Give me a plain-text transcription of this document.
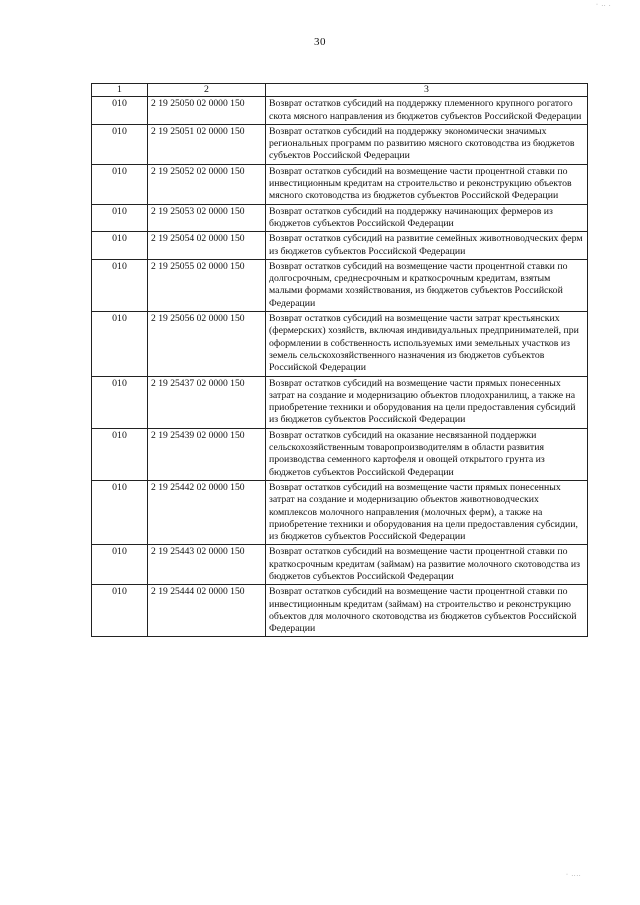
· .. .
30
1	2	3
010	2 19 25050 02 0000 150	Возврат остатков субсидий на поддержку племенного крупного рогатого скота мясного направления из бюджетов субъектов Российской Федерации
010	2 19 25051 02 0000 150	Возврат остатков субсидий на поддержку экономически значимых региональных программ по развитию мясного скотоводства из бюджетов субъектов Российской Федерации
010	2 19 25052 02 0000 150	Возврат остатков субсидий на возмещение части процентной ставки по инвестиционным кредитам на строительство и реконструкцию объектов мясного скотоводства из бюджетов субъектов Российской Федерации
010	2 19 25053 02 0000 150	Возврат остатков субсидий на поддержку начинающих фермеров из бюджетов субъектов Российской Федерации
010	2 19 25054 02 0000 150	Возврат остатков субсидий на развитие семейных животноводческих ферм из бюджетов субъектов Российской Федерации
010	2 19 25055 02 0000 150	Возврат остатков субсидий на возмещение части процентной ставки по долгосрочным, среднесрочным и краткосрочным кредитам, взятым малыми формами хозяйствования, из бюджетов субъектов Российской Федерации
010	2 19 25056 02 0000 150	Возврат остатков субсидий на возмещение части затрат крестьянских (фермерских) хозяйств, включая индивидуальных предпринимателей, при оформлении в собственность используемых ими земельных участков из земель сельскохозяйственного назначения из бюджетов субъектов Российской Федерации
010	2 19 25437 02 0000 150	Возврат остатков субсидий на возмещение части прямых понесенных затрат на создание и модернизацию объектов плодохранилищ, а также на приобретение техники и оборудования на цели предоставления субсидий из бюджетов субъектов Российской Федерации
010	2 19 25439 02 0000 150	Возврат остатков субсидий на оказание несвязанной поддержки сельскохозяйственным товаропроизводителям в области развития производства семенного картофеля и овощей открытого грунта из бюджетов субъектов Российской Федерации
010	2 19 25442 02 0000 150	Возврат остатков субсидий на возмещение части прямых понесенных затрат на создание и модернизацию объектов животноводческих комплексов молочного направления (молочных ферм), а также на приобретение техники и оборудования на цели предоставления субсидии, из бюджетов субъектов Российской Федерации
010	2 19 25443 02 0000 150	Возврат остатков субсидий на возмещение части процентной ставки по краткосрочным кредитам (займам) на развитие молочного скотоводства из бюджетов субъектов Российской Федерации
010	2 19 25444 02 0000 150	Возврат остатков субсидий на возмещение части процентной ставки по инвестиционным кредитам (займам) на строительство и реконструкцию объектов для молочного скотоводства из бюджетов субъектов Российской Федерации
· ....
